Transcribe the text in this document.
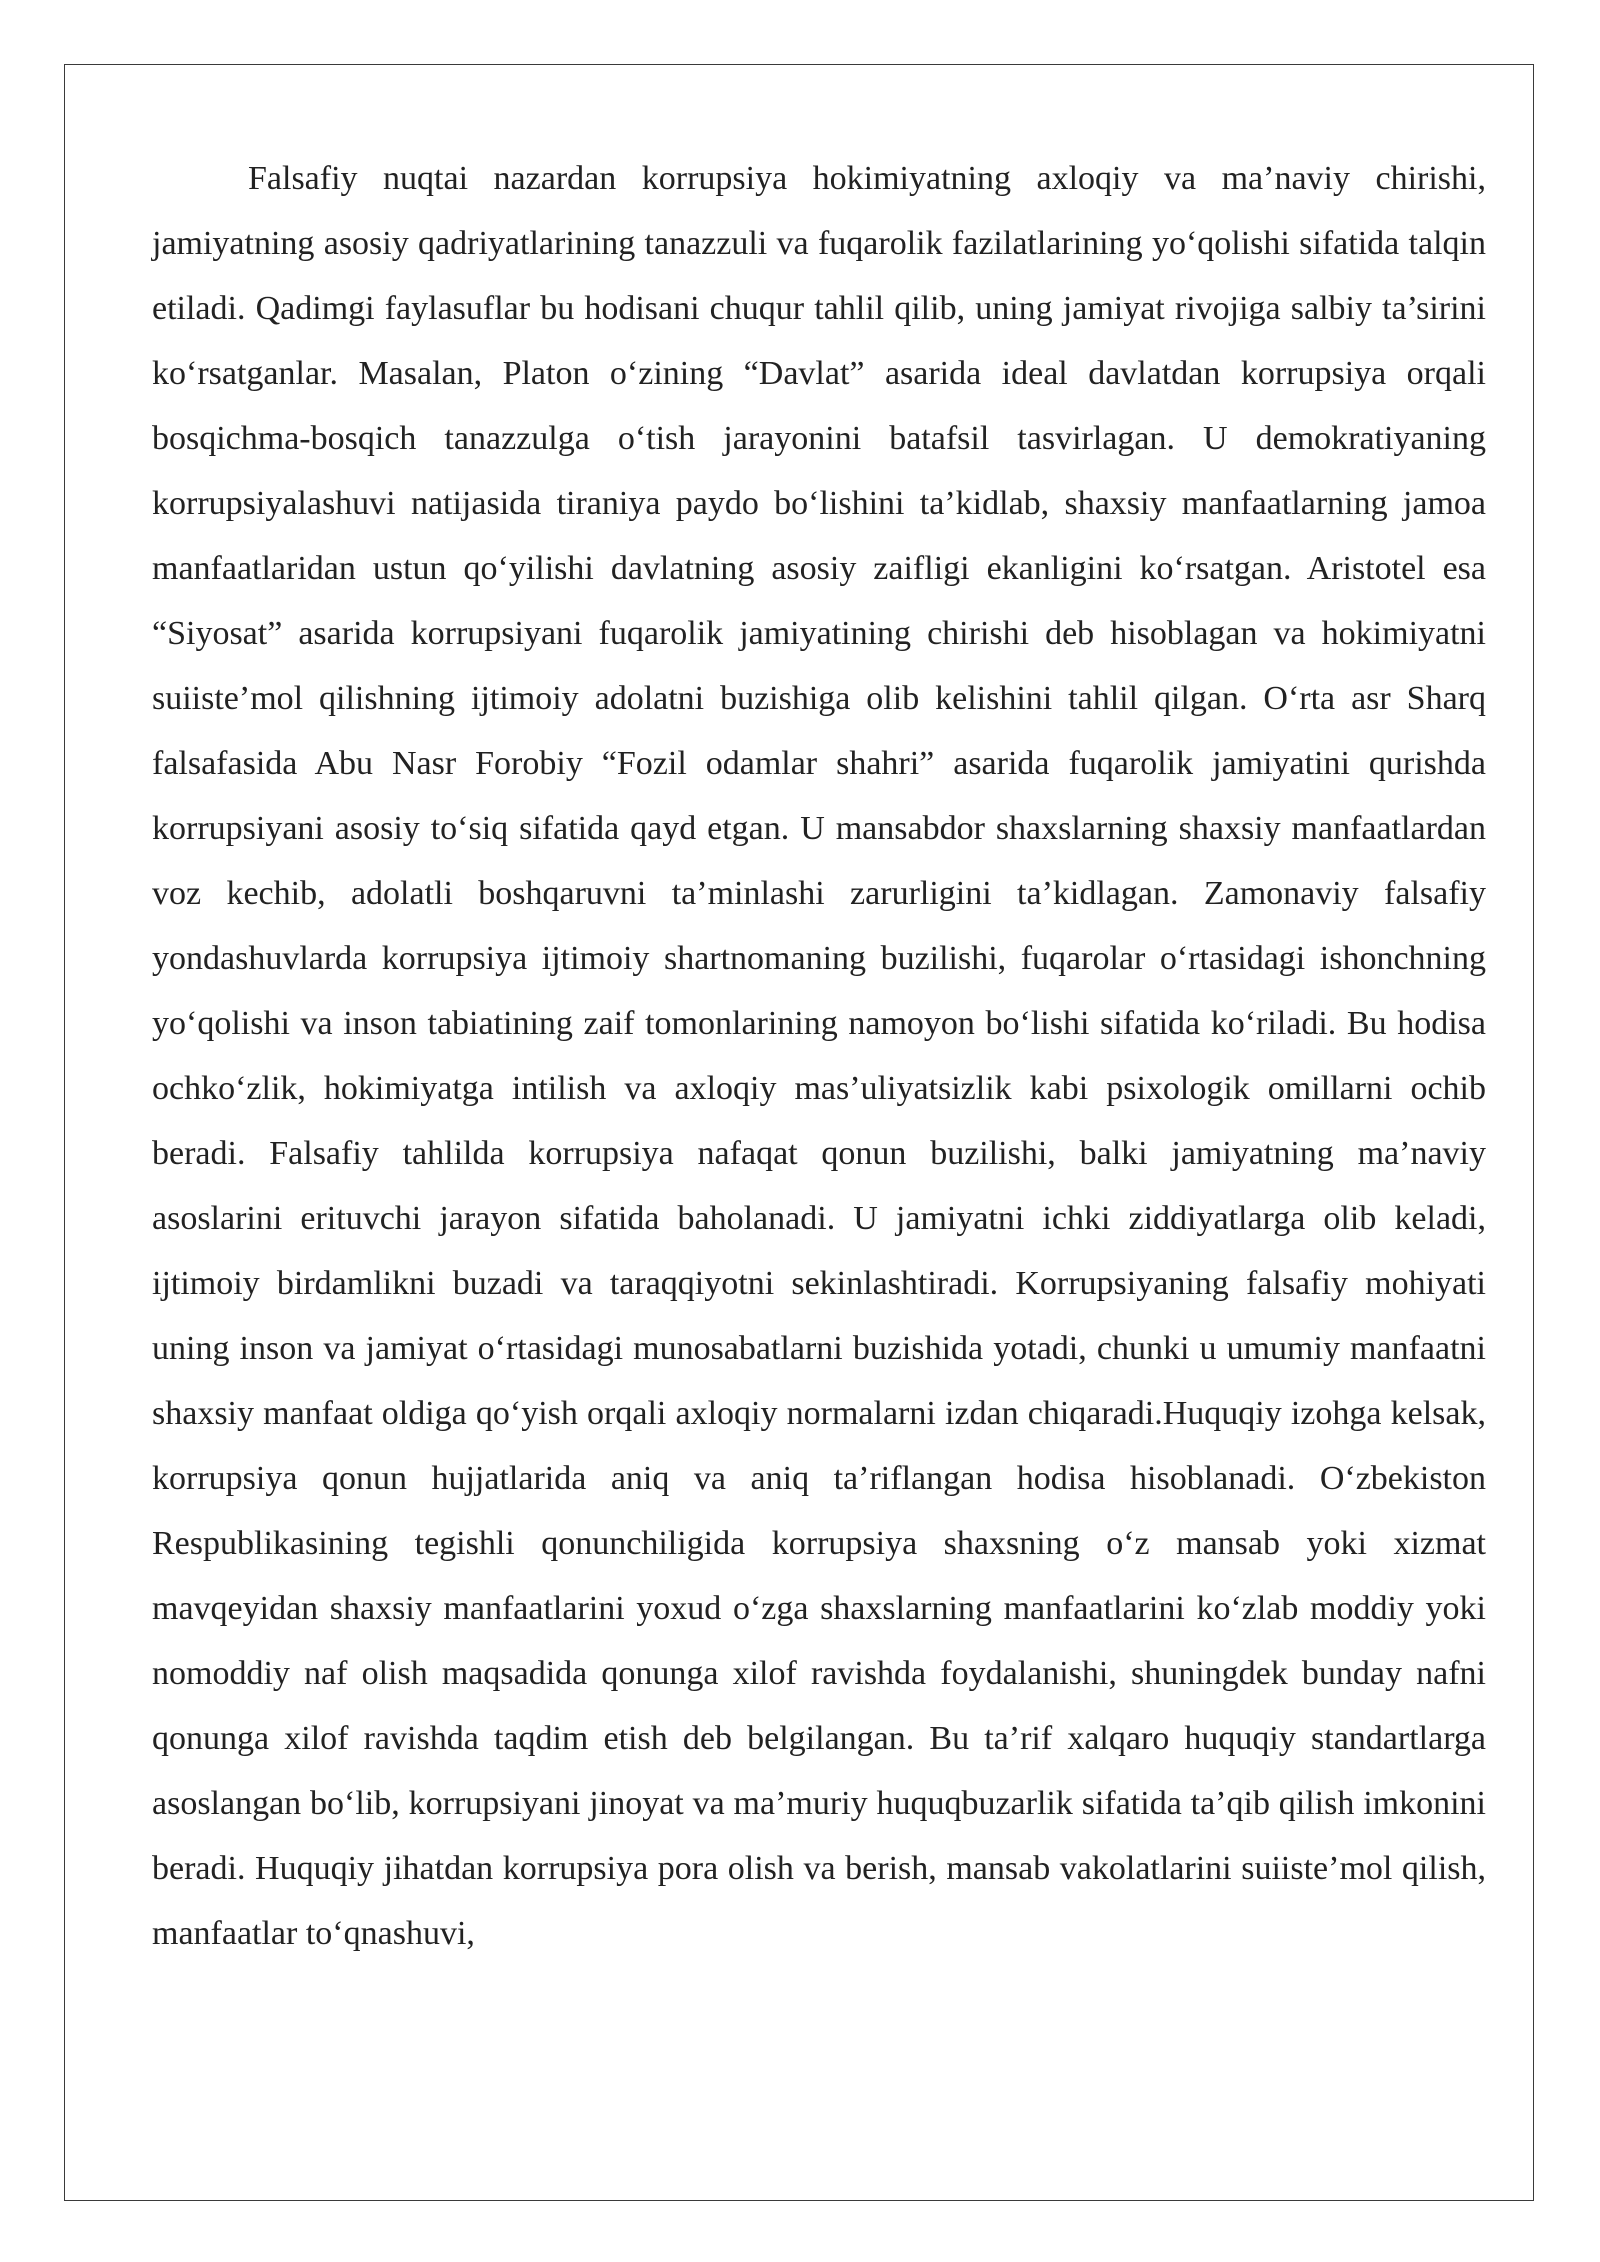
Falsafiy nuqtai nazardan korrupsiya hokimiyatning axloqiy va ma’naviy chirishi, jamiyatning asosiy qadriyatlarining tanazzuli va fuqarolik fazilatlarining yo‘qolishi sifatida talqin etiladi. Qadimgi faylasuflar bu hodisani chuqur tahlil qilib, uning jamiyat rivojiga salbiy ta’sirini ko‘rsatganlar. Masalan, Platon o‘zining “Davlat” asarida ideal davlatdan korrupsiya orqali bosqichma-bosqich tanazzulga o‘tish jarayonini batafsil tasvirlagan. U demokratiyaning korrupsiyalashuvi natijasida tiraniya paydo bo‘lishini ta’kidlab, shaxsiy manfaatlarning jamoa manfaatlaridan ustun qo‘yilishi davlatning asosiy zaifligi ekanligini ko‘rsatgan. Aristotel esa “Siyosat” asarida korrupsiyani fuqarolik jamiyatining chirishi deb hisoblagan va hokimiyatni suiiste’mol qilishning ijtimoiy adolatni buzishiga olib kelishini tahlil qilgan. O‘rta asr Sharq falsafasida Abu Nasr Forobiy “Fozil odamlar shahri” asarida fuqarolik jamiyatini qurishda korrupsiyani asosiy to‘siq sifatida qayd etgan. U mansabdor shaxslarning shaxsiy manfaatlardan voz kechib, adolatli boshqaruvni ta’minlashi zarurligini ta’kidlagan. Zamonaviy falsafiy yondashuvlarda korrupsiya ijtimoiy shartnomaning buzilishi, fuqarolar o‘rtasidagi ishonchning yo‘qolishi va inson tabiatining zaif tomonlarining namoyon bo‘lishi sifatida ko‘riladi. Bu hodisa ochko‘zlik, hokimiyatga intilish va axloqiy mas’uliyatsizlik kabi psixologik omillarni ochib beradi. Falsafiy tahlilda korrupsiya nafaqat qonun buzilishi, balki jamiyatning ma’naviy asoslarini erituvchi jarayon sifatida baholanadi. U jamiyatni ichki ziddiyatlarga olib keladi, ijtimoiy birdamlikni buzadi va taraqqiyotni sekinlashtiradi. Korrupsiyaning falsafiy mohiyati uning inson va jamiyat o‘rtasidagi munosabatlarni buzishida yotadi, chunki u umumiy manfaatni shaxsiy manfaat oldiga qo‘yish orqali axloqiy normalarni izdan chiqaradi.Huquqiy izohga kelsak, korrupsiya qonun hujjatlarida aniq va aniq ta’riflangan hodisa hisoblanadi. O‘zbekiston Respublikasining tegishli qonunchiligida korrupsiya shaxsning o‘z mansab yoki xizmat mavqeyidan shaxsiy manfaatlarini yoxud o‘zga shaxslarning manfaatlarini ko‘zlab moddiy yoki nomoddiy naf olish maqsadida qonunga xilof ravishda foydalanishi, shuningdek bunday nafni qonunga xilof ravishda taqdim etish deb belgilangan. Bu ta’rif xalqaro huquqiy standartlarga asoslangan bo‘lib, korrupsiyani jinoyat va ma’muriy huquqbuzarlik sifatida ta’qib qilish imkonini beradi. Huquqiy jihatdan korrupsiya pora olish va berish, mansab vakolatlarini suiiste’mol qilish, manfaatlar to‘qnashuvi,
